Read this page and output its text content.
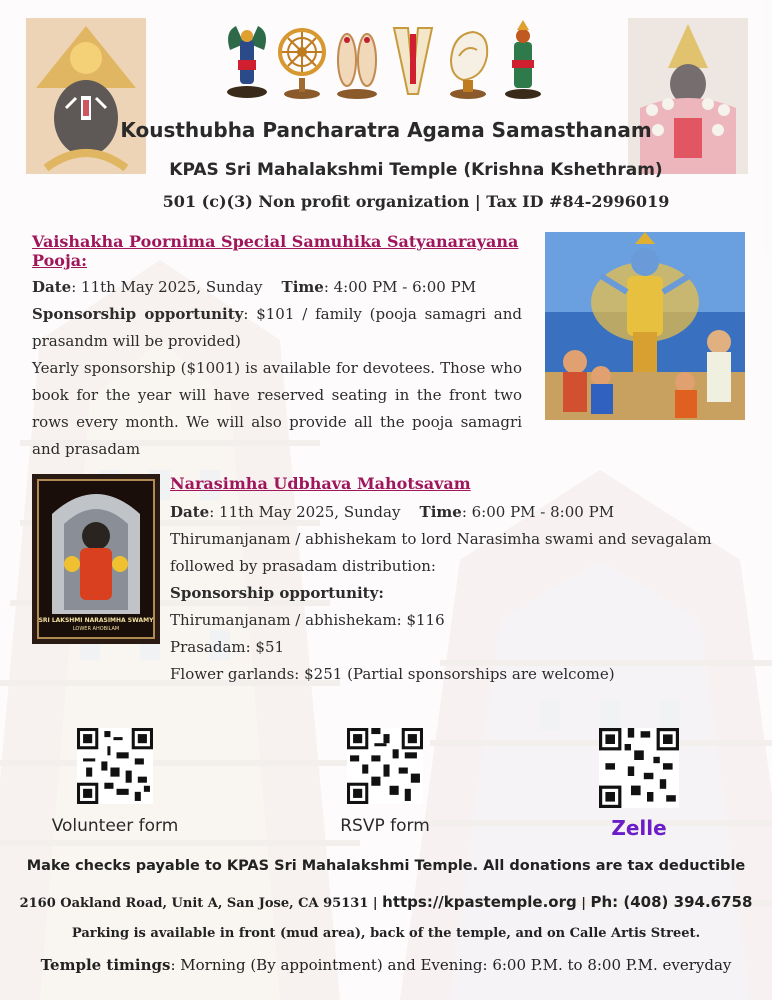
Kousthubha Pancharatra Agama Samasthanam
KPAS Sri Mahalakshmi Temple (Krishna Kshethram)
501 (c)(3) Non profit organization | Tax ID #84-2996019
Vaishakha Poornima Special Samuhika Satyanarayana Pooja:
Date: 11th May 2025, Sunday Time: 4:00 PM - 6:00 PM
Sponsorship opportunity: $101 / family (pooja samagri and prasandm will be provided)
Yearly sponsorship ($1001) is available for devotees. Those who book for the year will have reserved seating in the front two rows every month. We will also provide all the pooja samagri and prasadam
SRI LAKSHMI NARASIMHA SWAMY
LOWER AHOBILAM
Narasimha Udbhava Mahotsavam
Date: 11th May 2025, Sunday Time: 6:00 PM - 8:00 PM
Thirumanjanam / abhishekam to lord Narasimha swami and sevagalam followed by prasadam distribution:
Sponsorship opportunity:
Thirumanjanam / abhishekam: $116
Prasadam: $51
Flower garlands: $251 (Partial sponsorships are welcome)
Volunteer form	RSVP form	Zelle
Make checks payable to KPAS Sri Mahalakshmi Temple. All donations are tax deductible
2160 Oakland Road, Unit A, San Jose, CA 95131 | https://kpastemple.org | Ph: (408) 394.6758
Parking is available in front (mud area), back of the temple, and on Calle Artis Street.
Temple timings: Morning (By appointment) and Evening: 6:00 P.M. to 8:00 P.M. everyday
